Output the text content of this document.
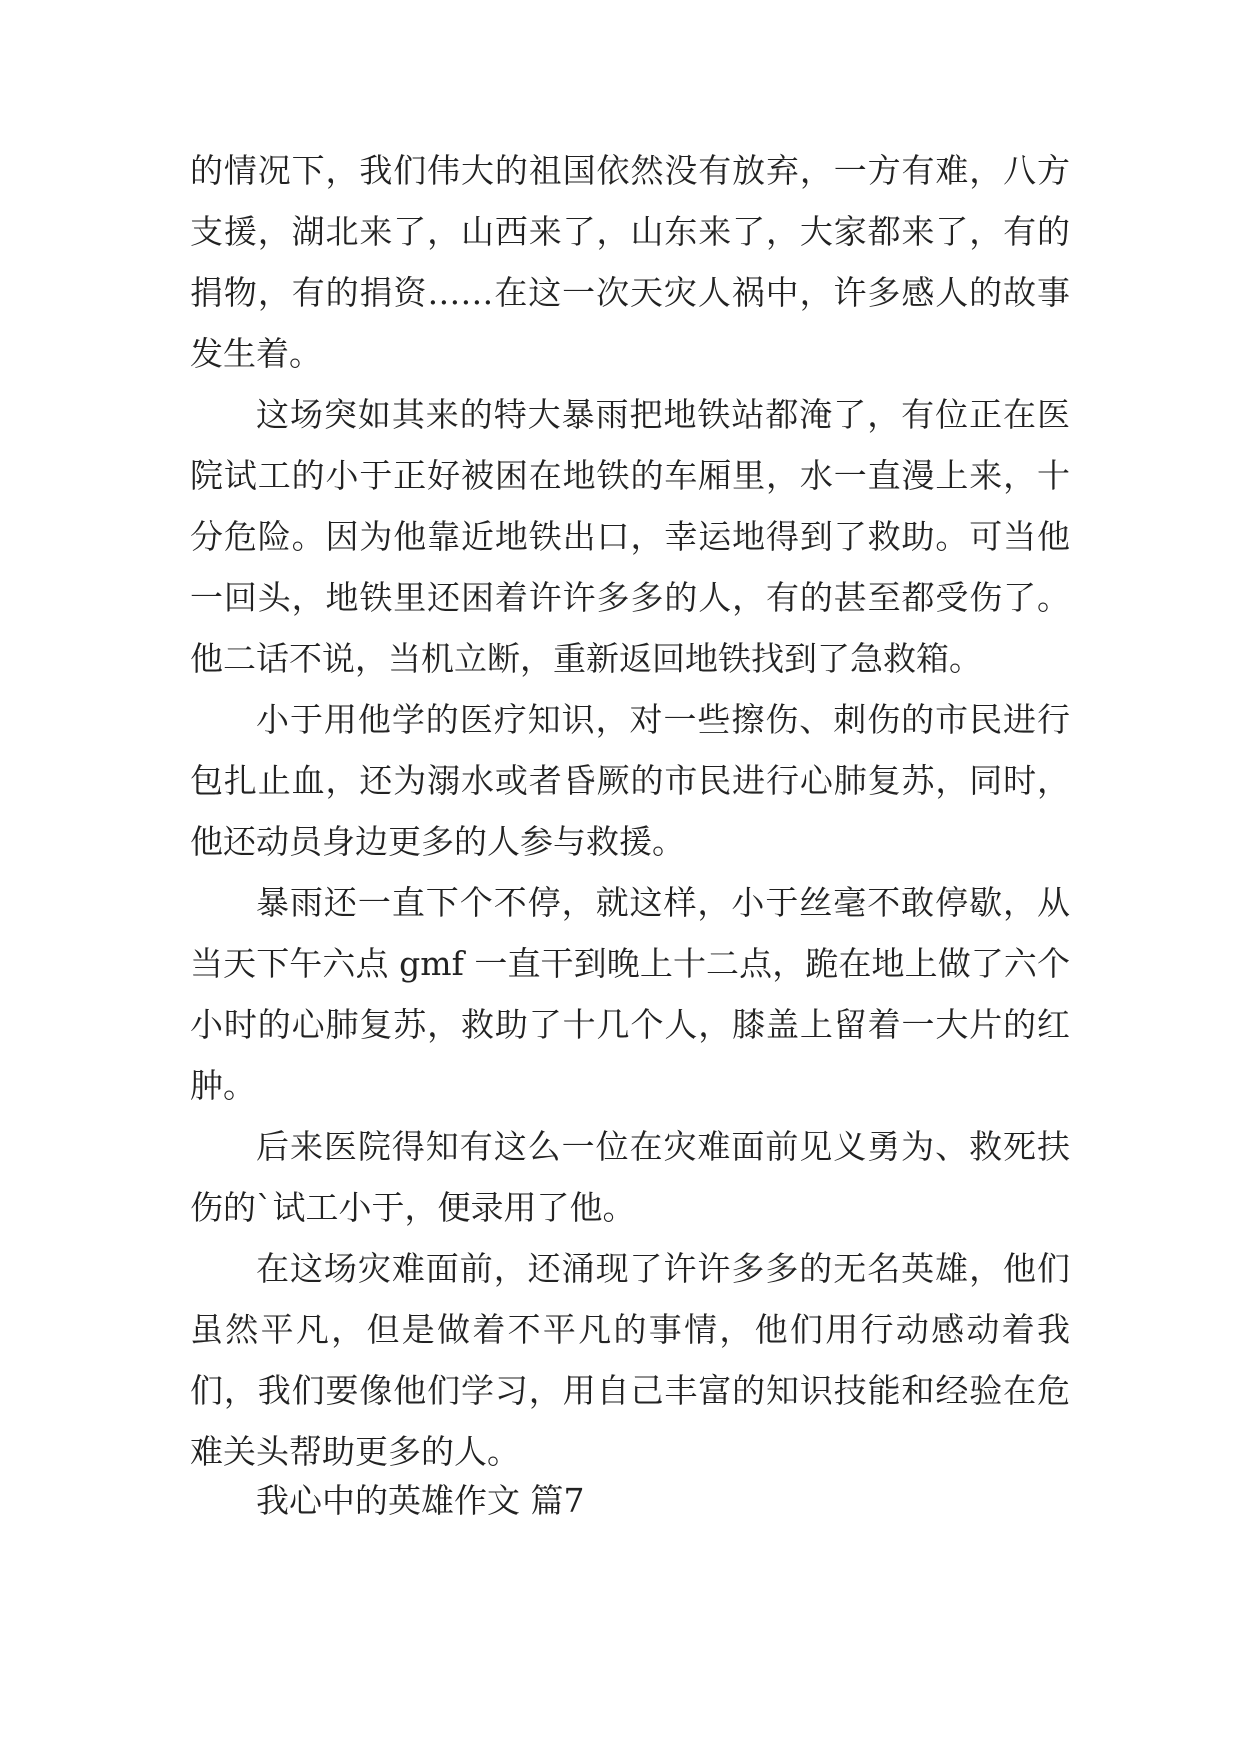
的情况下，我们伟大的祖国依然没有放弃，一方有难，八方支援，湖北来了，山西来了，山东来了，大家都来了，有的捐物，有的捐资……在这一次天灾人祸中，许多感人的故事发生着。

这场突如其来的特大暴雨把地铁站都淹了，有位正在医院试工的小于正好被困在地铁的车厢里，水一直漫上来，十分危险。因为他靠近地铁出口，幸运地得到了救助。可当他一回头，地铁里还困着许许多多的人，有的甚至都受伤了。他二话不说，当机立断，重新返回地铁找到了急救箱。

小于用他学的医疗知识，对一些擦伤、刺伤的市民进行包扎止血，还为溺水或者昏厥的市民进行心肺复苏，同时，他还动员身边更多的人参与救援。

暴雨还一直下个不停，就这样，小于丝毫不敢停歇，从当天下午六点 gmf 一直干到晚上十二点，跪在地上做了六个小时的心肺复苏，救助了十几个人，膝盖上留着一大片的红肿。

后来医院得知有这么一位在灾难面前见义勇为、救死扶伤的`试工小于，便录用了他。

在这场灾难面前，还涌现了许许多多的无名英雄，他们虽然平凡，但是做着不平凡的事情，他们用行动感动着我们，我们要像他们学习，用自己丰富的知识技能和经验在危难关头帮助更多的人。

我心中的英雄作文 篇7
